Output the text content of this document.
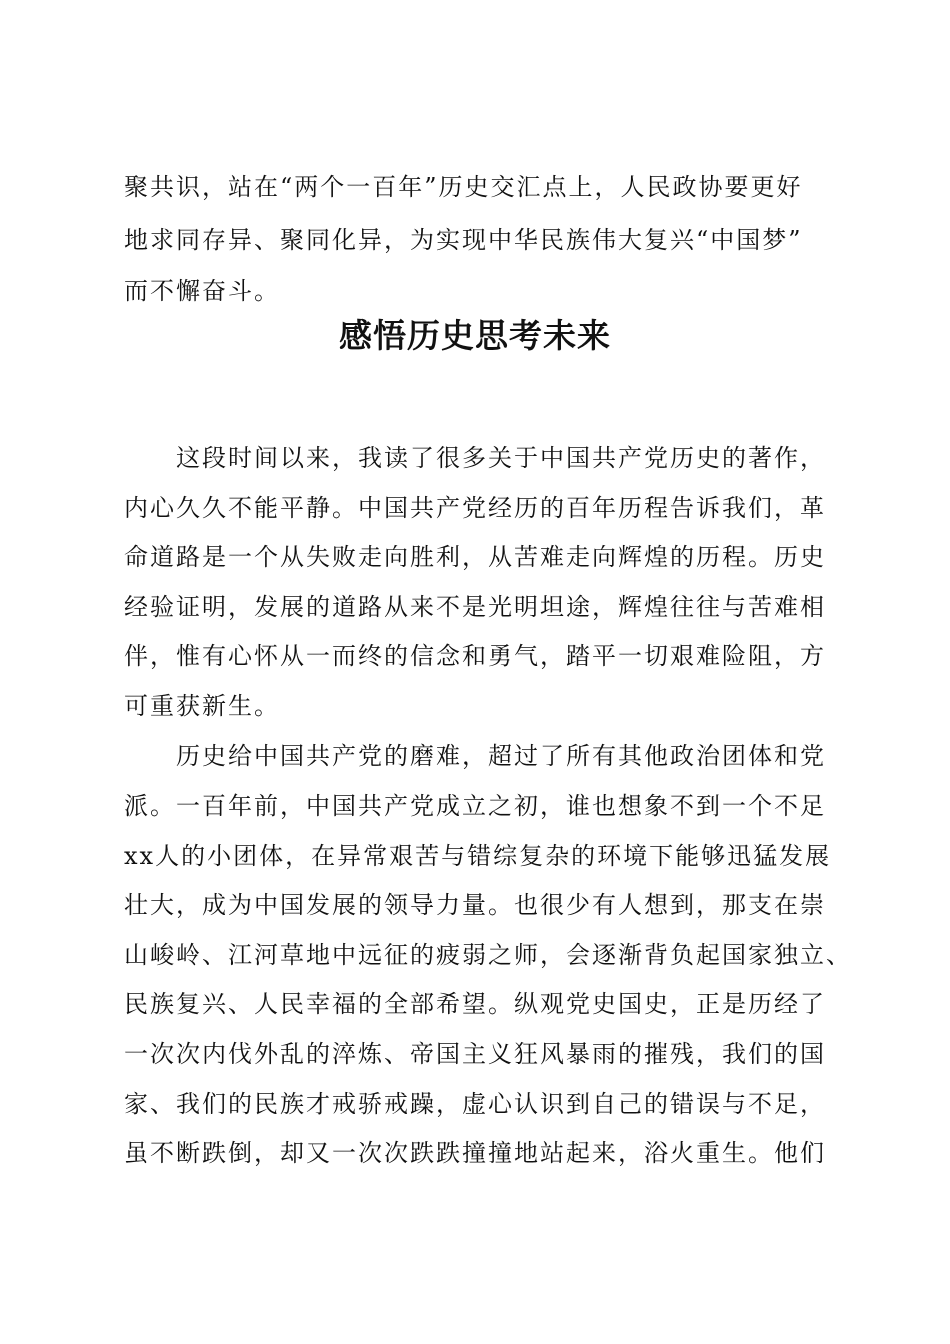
聚共识，站在“两个一百年”历史交汇点上，人民政协要更好
地求同存异、聚同化异，为实现中华民族伟大复兴“中国梦”
而不懈奋斗。
感悟历史思考未来
这段时间以来，我读了很多关于中国共产党历史的著作，
内心久久不能平静。中国共产党经历的百年历程告诉我们，革
命道路是一个从失败走向胜利，从苦难走向辉煌的历程。历史
经验证明，发展的道路从来不是光明坦途，辉煌往往与苦难相
伴，惟有心怀从一而终的信念和勇气，踏平一切艰难险阻，方
可重获新生。
历史给中国共产党的磨难，超过了所有其他政治团体和党
派。一百年前，中国共产党成立之初，谁也想象不到一个不足
xx人的小团体，在异常艰苦与错综复杂的环境下能够迅猛发展
壮大，成为中国发展的领导力量。也很少有人想到，那支在崇
山峻岭、江河草地中远征的疲弱之师，会逐渐背负起国家独立、
民族复兴、人民幸福的全部希望。纵观党史国史，正是历经了
一次次内伐外乱的淬炼、帝国主义狂风暴雨的摧残，我们的国
家、我们的民族才戒骄戒躁，虚心认识到自己的错误与不足，
虽不断跌倒，却又一次次跌跌撞撞地站起来，浴火重生。他们
